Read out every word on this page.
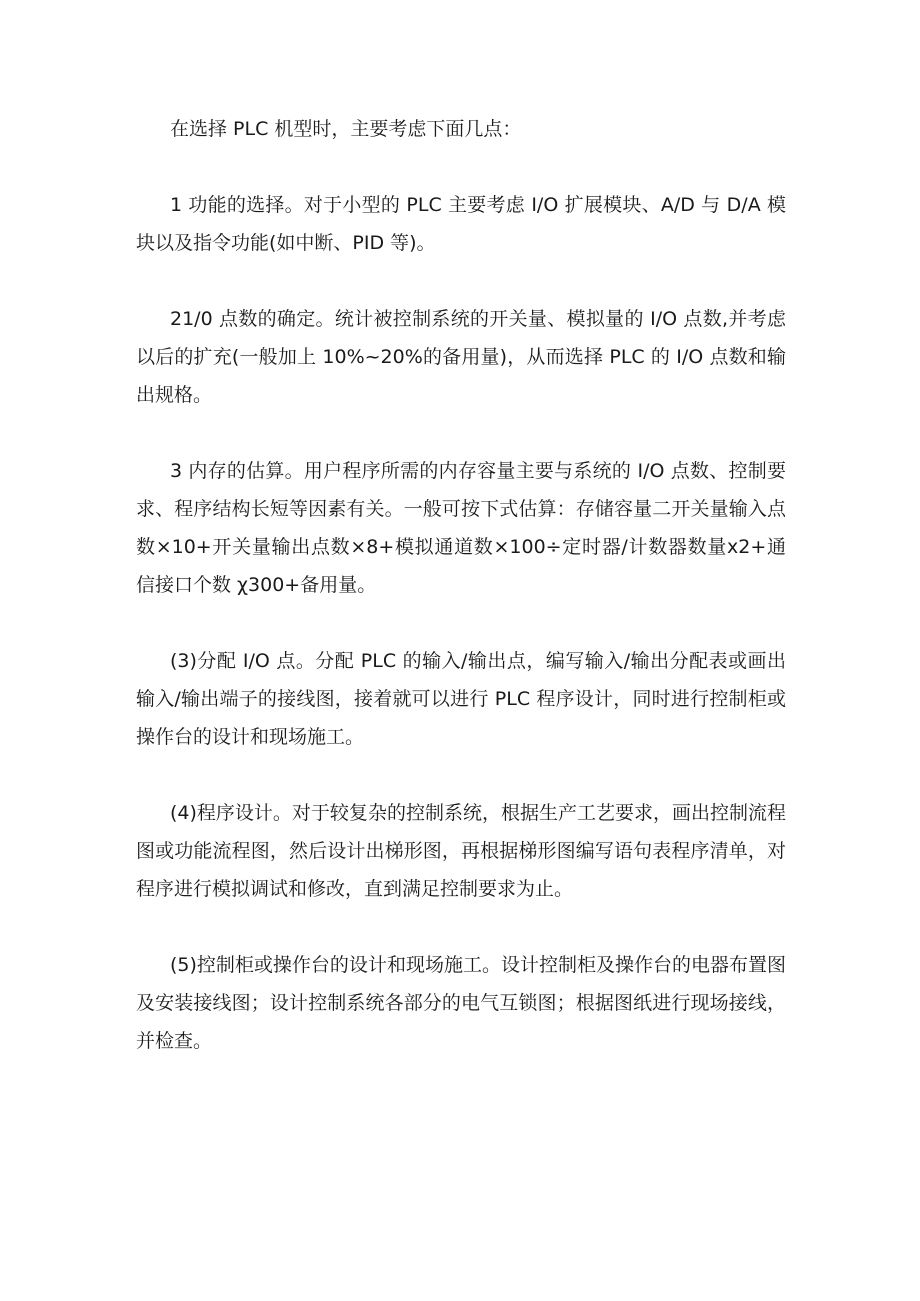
在选择 PLC 机型时，主要考虑下面几点：

1 功能的选择。对于小型的 PLC 主要考虑 I/O 扩展模块、A/D 与 D/A 模块以及指令功能(如中断、PID 等)。

21/0 点数的确定。统计被控制系统的开关量、模拟量的 I/O 点数,并考虑以后的扩充(一般加上 10%~20%的备用量)，从而选择 PLC 的 I/O 点数和输出规格。

3 内存的估算。用户程序所需的内存容量主要与系统的 I/O 点数、控制要求、程序结构长短等因素有关。一般可按下式估算：存储容量二开关量输入点数×10+开关量输出点数×8+模拟通道数×100÷定时器/计数器数量x2+通信接口个数 χ300+备用量。

(3)分配 I/O 点。分配 PLC 的输入/输出点，编写输入/输出分配表或画出输入/输出端子的接线图，接着就可以进行 PLC 程序设计，同时进行控制柜或操作台的设计和现场施工。

(4)程序设计。对于较复杂的控制系统，根据生产工艺要求，画出控制流程图或功能流程图，然后设计出梯形图，再根据梯形图编写语句表程序清单，对程序进行模拟调试和修改，直到满足控制要求为止。

(5)控制柜或操作台的设计和现场施工。设计控制柜及操作台的电器布置图及安装接线图；设计控制系统各部分的电气互锁图；根据图纸进行现场接线，并检查。
